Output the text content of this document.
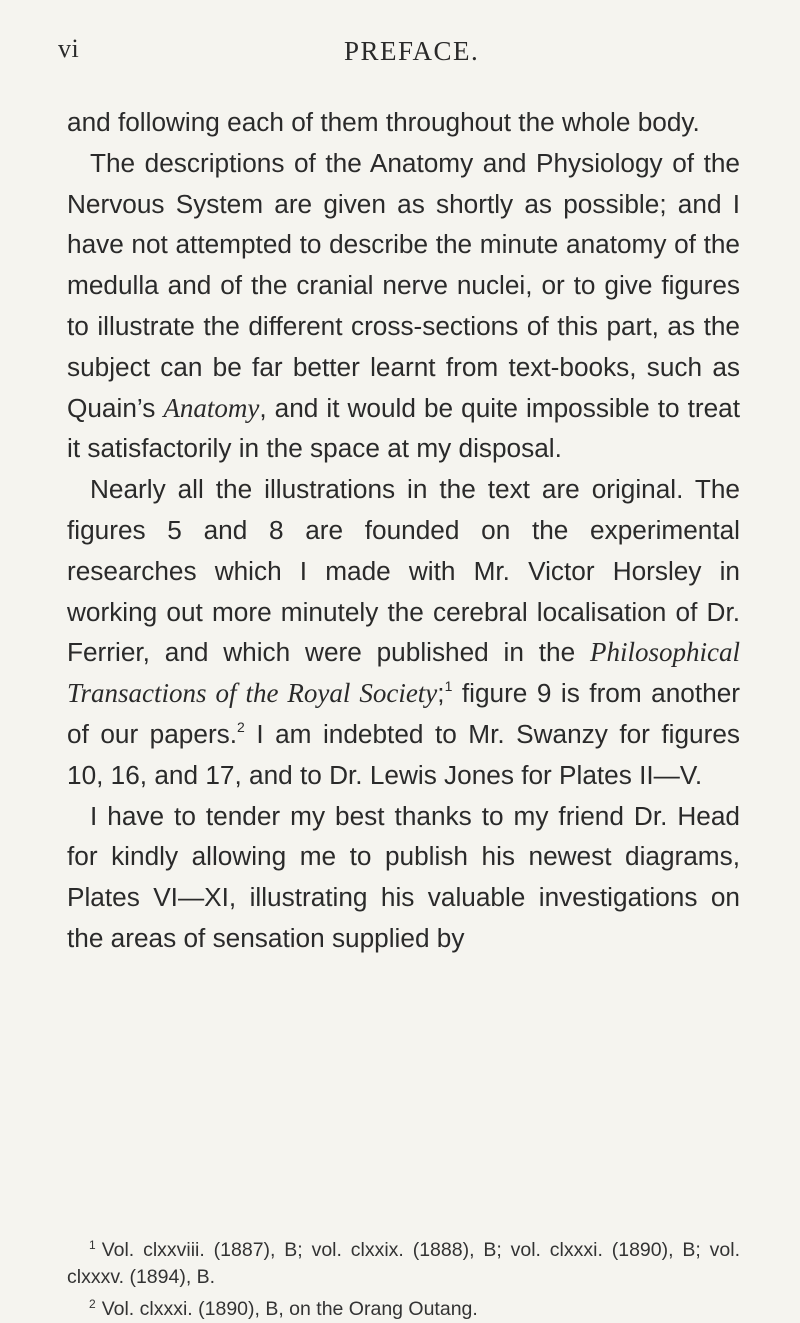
vi	PREFACE.

and following each of them throughout the whole body.

The descriptions of the Anatomy and Physiology of the Nervous System are given as shortly as possible; and I have not attempted to describe the minute anatomy of the medulla and of the cranial nerve nuclei, or to give figures to illustrate the different cross-sections of this part, as the subject can be far better learnt from text-books, such as Quain’s Anatomy, and it would be quite impossible to treat it satisfactorily in the space at my disposal.

Nearly all the illustrations in the text are original. The figures 5 and 8 are founded on the experimental researches which I made with Mr. Victor Horsley in working out more minutely the cerebral localisation of Dr. Ferrier, and which were published in the Philosophical Transactions of the Royal Society;$^1$ figure 9 is from another of our papers.$^2$ I am indebted to Mr. Swanzy for figures 10, 16, and 17, and to Dr. Lewis Jones for Plates II—V.

I have to tender my best thanks to my friend Dr. Head for kindly allowing me to publish his newest diagrams, Plates VI—XI, illustrating his valuable investigations on the areas of sensation supplied by

$^1$ Vol. clxxviii. (1887), B; vol. clxxix. (1888), B; vol. clxxxi. (1890), B; vol. clxxxv. (1894), B.

$^2$ Vol. clxxxi. (1890), B, on the Orang Outang.
